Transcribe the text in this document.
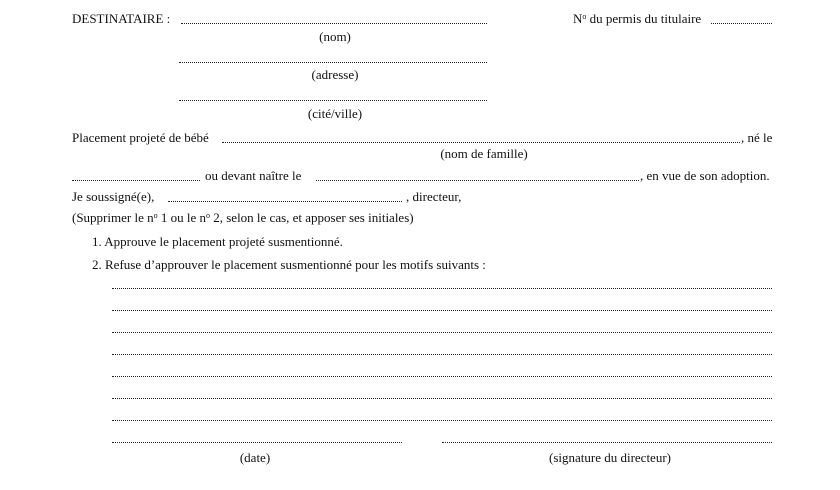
DESTINATAIRE :	$N^o$ du permis du titulaire
(nom)
(adresse)
(cité/ville)
Placement projeté de bébé	, né le
(nom de famille)
ou devant naître le	, en vue de son adoption.
Je soussigné(e),	, directeur,
(Supprimer le $n^o$ 1 ou le $n^o$ 2, selon le cas, et apposer ses initiales)
1. Approuve le placement projeté susmentionné.
2. Refuse d’approuver le placement susmentionné pour les motifs suivants :
(date)	(signature du directeur)
